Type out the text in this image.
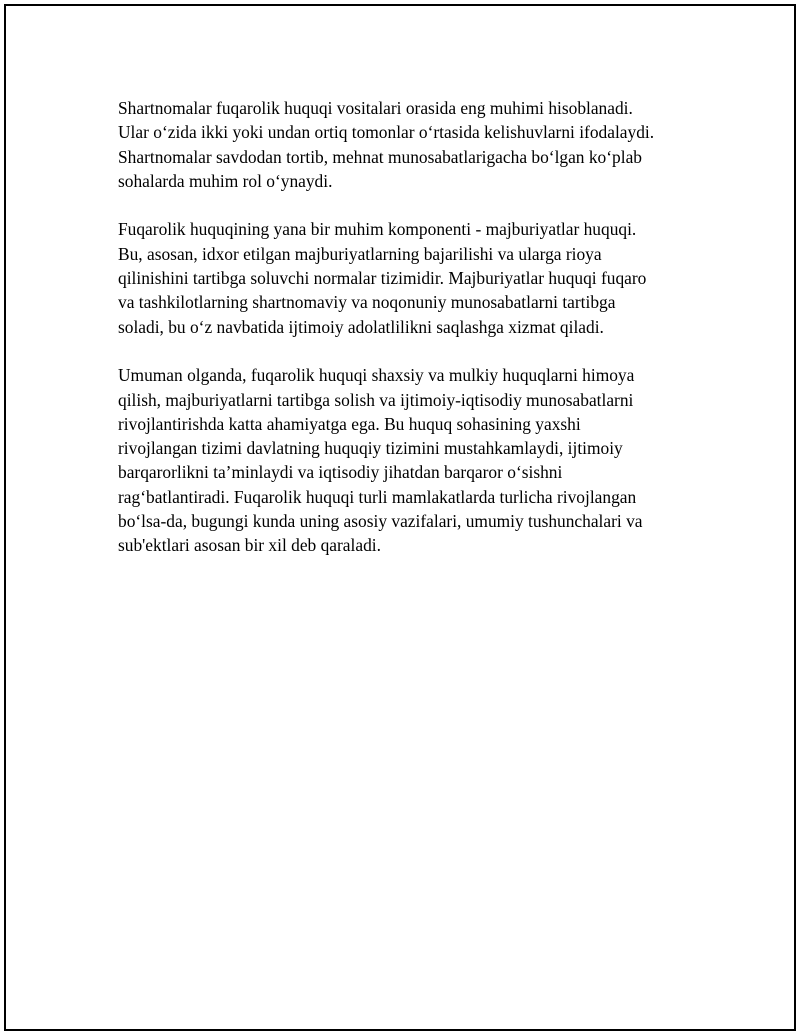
Shartnomalar fuqarolik huquqi vositalari orasida eng muhimi hisoblanadi.
Ular o‘zida ikki yoki undan ortiq tomonlar o‘rtasida kelishuvlarni ifodalaydi.
Shartnomalar savdodan tortib, mehnat munosabatlarigacha bo‘lgan ko‘plab
sohalarda muhim rol o‘ynaydi.

Fuqarolik huquqining yana bir muhim komponenti - majburiyatlar huquqi.
Bu, asosan, idxor etilgan majburiyatlarning bajarilishi va ularga rioya
qilinishini tartibga soluvchi normalar tizimidir. Majburiyatlar huquqi fuqaro
va tashkilotlarning shartnomaviy va noqonuniy munosabatlarni tartibga
soladi, bu o‘z navbatida ijtimoiy adolatlilikni saqlashga xizmat qiladi.

Umuman olganda, fuqarolik huquqi shaxsiy va mulkiy huquqlarni himoya
qilish, majburiyatlarni tartibga solish va ijtimoiy-iqtisodiy munosabatlarni
rivojlantirishda katta ahamiyatga ega. Bu huquq sohasining yaxshi
rivojlangan tizimi davlatning huquqiy tizimini mustahkamlaydi, ijtimoiy
barqarorlikni ta’minlaydi va iqtisodiy jihatdan barqaror o‘sishni
rag‘batlantiradi. Fuqarolik huquqi turli mamlakatlarda turlicha rivojlangan
bo‘lsa-da, bugungi kunda uning asosiy vazifalari, umumiy tushunchalari va
sub'ektlari asosan bir xil deb qaraladi.
